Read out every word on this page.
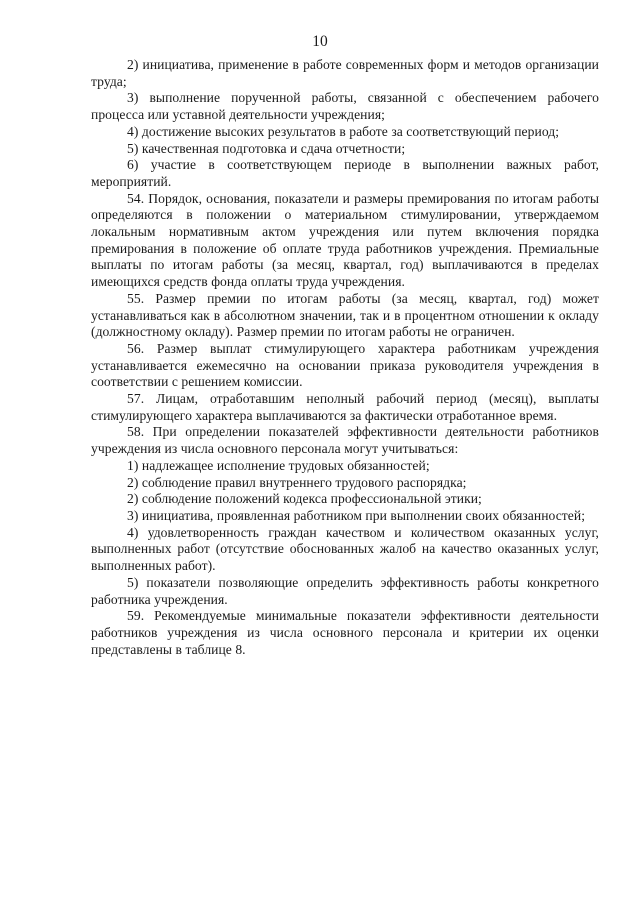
10

2) инициатива, применение в работе современных форм и методов организации труда;

3) выполнение порученной работы, связанной с обеспечением рабочего процесса или уставной деятельности учреждения;

4) достижение высоких результатов в работе за соответствующий период;

5) качественная подготовка и сдача отчетности;

6) участие в соответствующем периоде в выполнении важных работ, мероприятий.

54. Порядок, основания, показатели и размеры премирования по итогам работы определяются в положении о материальном стимулировании, утверждаемом локальным нормативным актом учреждения или путем включения порядка премирования в положение об оплате труда работников учреждения. Премиальные выплаты по итогам работы (за месяц, квартал, год) выплачиваются в пределах имеющихся средств фонда оплаты труда учреждения.

55. Размер премии по итогам работы (за месяц, квартал, год) может устанавливаться как в абсолютном значении, так и в процентном отношении к окладу (должностному окладу). Размер премии по итогам работы не ограничен.

56. Размер выплат стимулирующего характера работникам учреждения устанавливается ежемесячно на основании приказа руководителя учреждения в соответствии с решением комиссии.

57. Лицам, отработавшим неполный рабочий период (месяц), выплаты стимулирующего характера выплачиваются за фактически отработанное время.

58. При определении показателей эффективности деятельности работников учреждения из числа основного персонала могут учитываться:

1) надлежащее исполнение трудовых обязанностей;

2) соблюдение правил внутреннего трудового распорядка;

2) соблюдение положений кодекса профессиональной этики;

3) инициатива, проявленная работником при выполнении своих обязанностей;

4) удовлетворенность граждан качеством и количеством оказанных услуг, выполненных работ (отсутствие обоснованных жалоб на качество оказанных услуг, выполненных работ).

5) показатели позволяющие определить эффективность работы конкретного работника учреждения.

59. Рекомендуемые минимальные показатели эффективности деятельности работников учреждения из числа основного персонала и критерии их оценки представлены в таблице 8.
